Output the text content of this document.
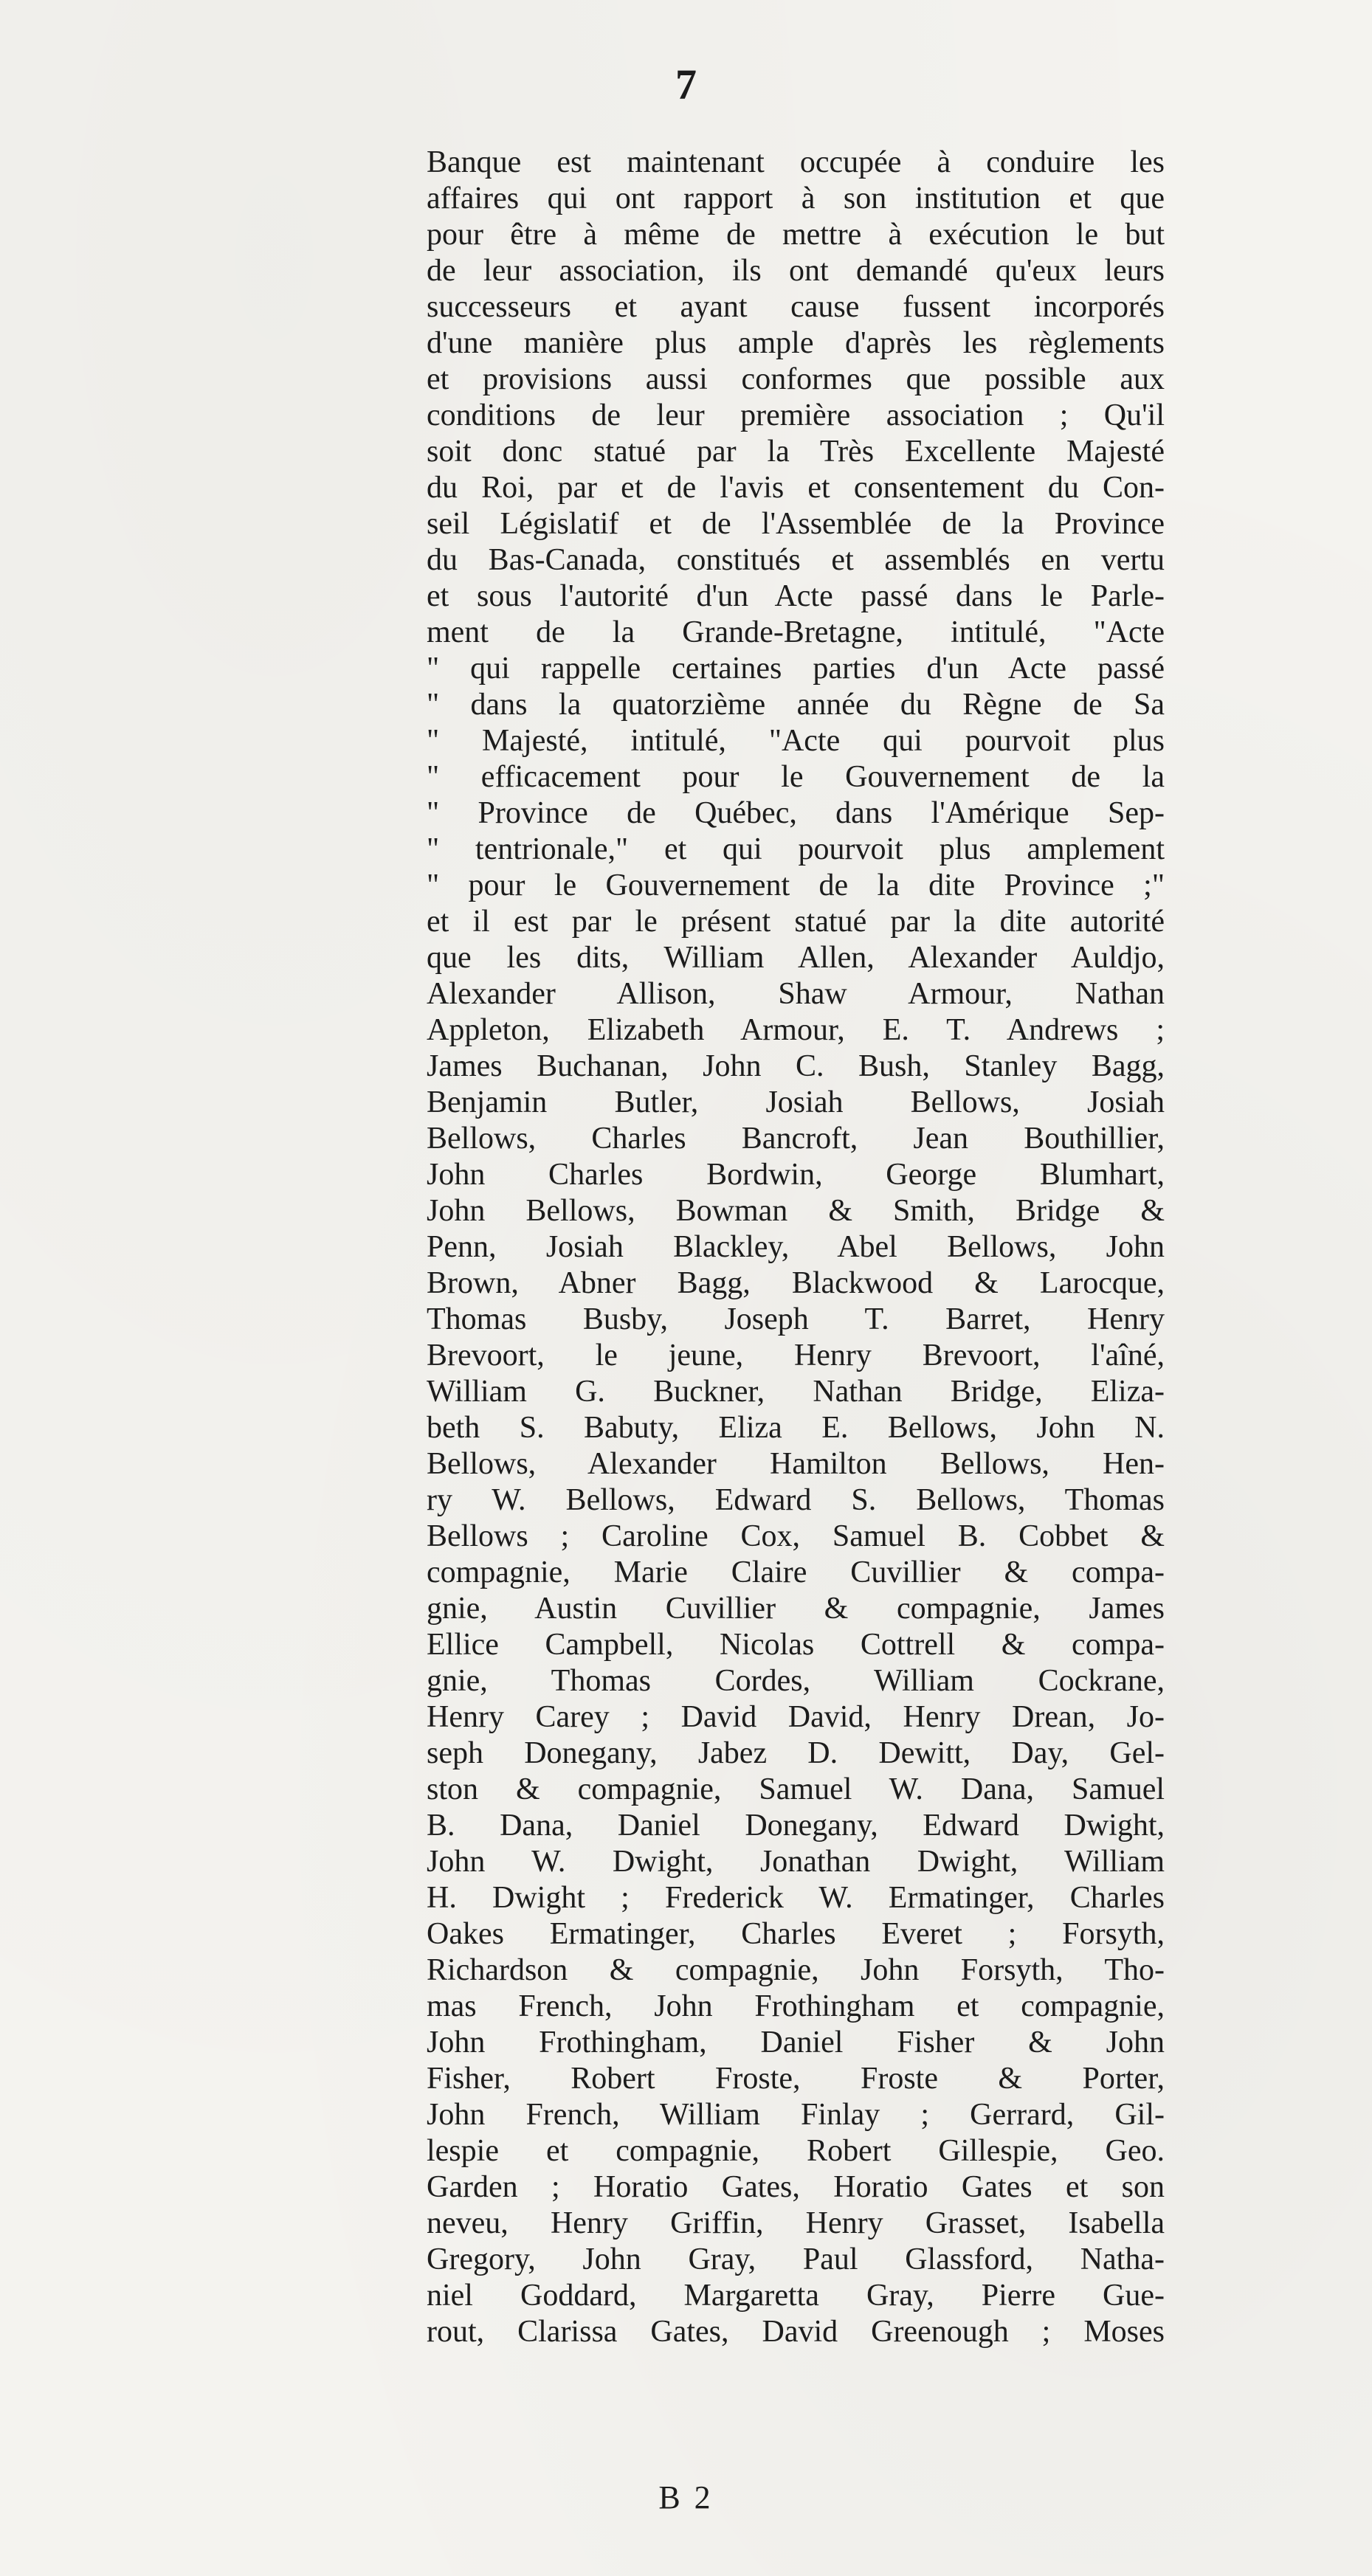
7
Banque est maintenant occupée à conduire les
affaires qui ont rapport à son institution et que
pour être à même de mettre à exécution le but
de leur association, ils ont demandé qu'eux leurs
successeurs et ayant cause fussent incorporés
d'une manière plus ample d'après les règlements
et provisions aussi conformes que possible aux
conditions de leur première association ; Qu'il
soit donc statué par la Très Excellente Majesté
du Roi, par et de l'avis et consentement du Con-
seil Législatif et de l'Assemblée de la Province
du Bas-Canada, constitués et assemblés en vertu
et sous l'autorité d'un Acte passé dans le Parle-
ment de la Grande-Bretagne, intitulé, "Acte
" qui rappelle certaines parties d'un Acte passé
" dans la quatorzième année du Règne de Sa
" Majesté, intitulé, "Acte qui pourvoit plus
" efficacement pour le Gouvernement de la
" Province de Québec, dans l'Amérique Sep-
" tentrionale," et qui pourvoit plus amplement
" pour le Gouvernement de la dite Province ;"
et il est par le présent statué par la dite autorité
que les dits, William Allen, Alexander Auldjo,
Alexander Allison, Shaw Armour, Nathan
Appleton, Elizabeth Armour, E. T. Andrews ;
James Buchanan, John C. Bush, Stanley Bagg,
Benjamin Butler, Josiah Bellows, Josiah
Bellows, Charles Bancroft, Jean Bouthillier,
John Charles Bordwin, George Blumhart,
John Bellows, Bowman & Smith, Bridge &
Penn, Josiah Blackley, Abel Bellows, John
Brown, Abner Bagg, Blackwood & Larocque,
Thomas Busby, Joseph T. Barret, Henry
Brevoort, le jeune, Henry Brevoort, l'aîné,
William G. Buckner, Nathan Bridge, Eliza-
beth S. Babuty, Eliza E. Bellows, John N.
Bellows, Alexander Hamilton Bellows, Hen-
ry W. Bellows, Edward S. Bellows, Thomas
Bellows ; Caroline Cox, Samuel B. Cobbet &
compagnie, Marie Claire Cuvillier & compa-
gnie, Austin Cuvillier & compagnie, James
Ellice Campbell, Nicolas Cottrell & compa-
gnie, Thomas Cordes, William Cockrane,
Henry Carey ; David David, Henry Drean, Jo-
seph Donegany, Jabez D. Dewitt, Day, Gel-
ston & compagnie, Samuel W. Dana, Samuel
B. Dana, Daniel Donegany, Edward Dwight,
John W. Dwight, Jonathan Dwight, William
H. Dwight ; Frederick W. Ermatinger, Charles
Oakes Ermatinger, Charles Everet ; Forsyth,
Richardson & compagnie, John Forsyth, Tho-
mas French, John Frothingham et compagnie,
John Frothingham, Daniel Fisher & John
Fisher, Robert Froste, Froste & Porter,
John French, William Finlay ; Gerrard, Gil-
lespie et compagnie, Robert Gillespie, Geo.
Garden ; Horatio Gates, Horatio Gates et son
neveu, Henry Griffin, Henry Grasset, Isabella
Gregory, John Gray, Paul Glassford, Natha-
niel Goddard, Margaretta Gray, Pierre Gue-
rout, Clarissa Gates, David Greenough ; Moses
B 2
